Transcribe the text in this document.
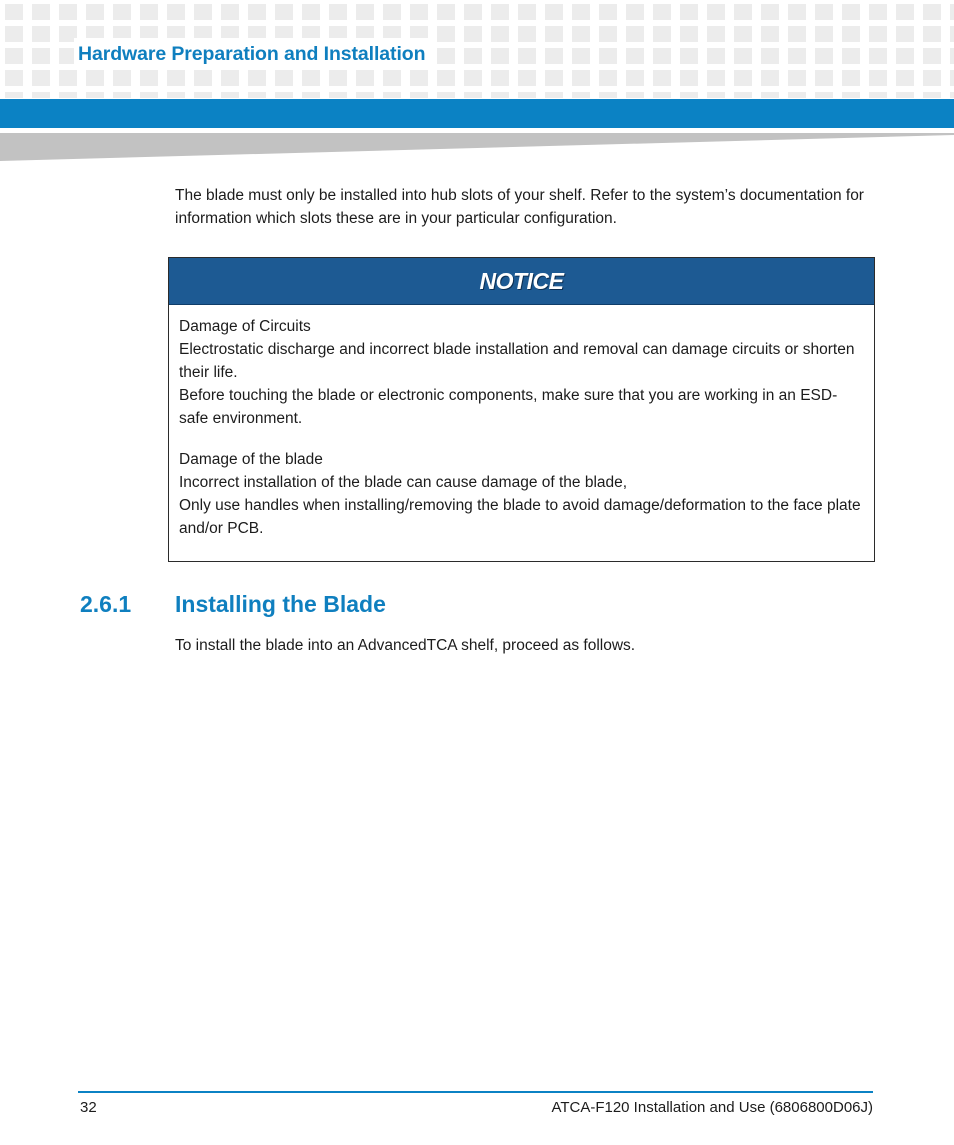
Hardware Preparation and Installation

The blade must only be installed into hub slots of your shelf. Refer to the system’s documentation for information which slots these are in your particular configuration.

NOTICE

Damage of Circuits
Electrostatic discharge and incorrect blade installation and removal can damage circuits or shorten their life.
Before touching the blade or electronic components, make sure that you are working in an ESD-safe environment.

Damage of the blade
Incorrect installation of the blade can cause damage of the blade,
Only use handles when installing/removing the blade to avoid damage/deformation to the face plate and/or PCB.

2.6.1 Installing the Blade

To install the blade into an AdvancedTCA shelf, proceed as follows.

32	ATCA-F120 Installation and Use (6806800D06J)
